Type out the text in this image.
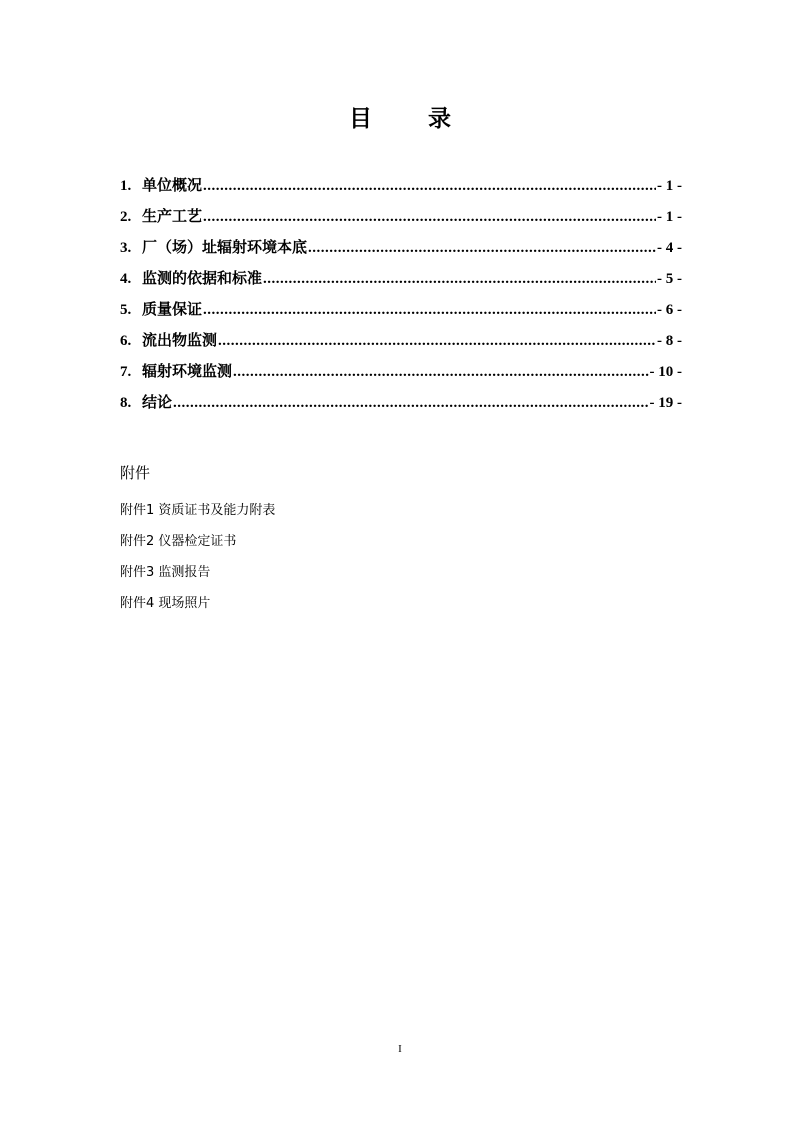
目 录
1. 单位概况 .....	- 1 -
2. 生产工艺 .....	- 1 -
3. 厂（场）址辐射环境本底 .....	- 4 -
4. 监测的依据和标准 .....	- 5 -
5. 质量保证 .....	- 6 -
6. 流出物监测 .....	- 8 -
7. 辐射环境监测 .....	- 10 -
8. 结论 .....	- 19 -
附件
附件1 资质证书及能力附表
附件2 仪器检定证书
附件3 监测报告
附件4 现场照片
I
